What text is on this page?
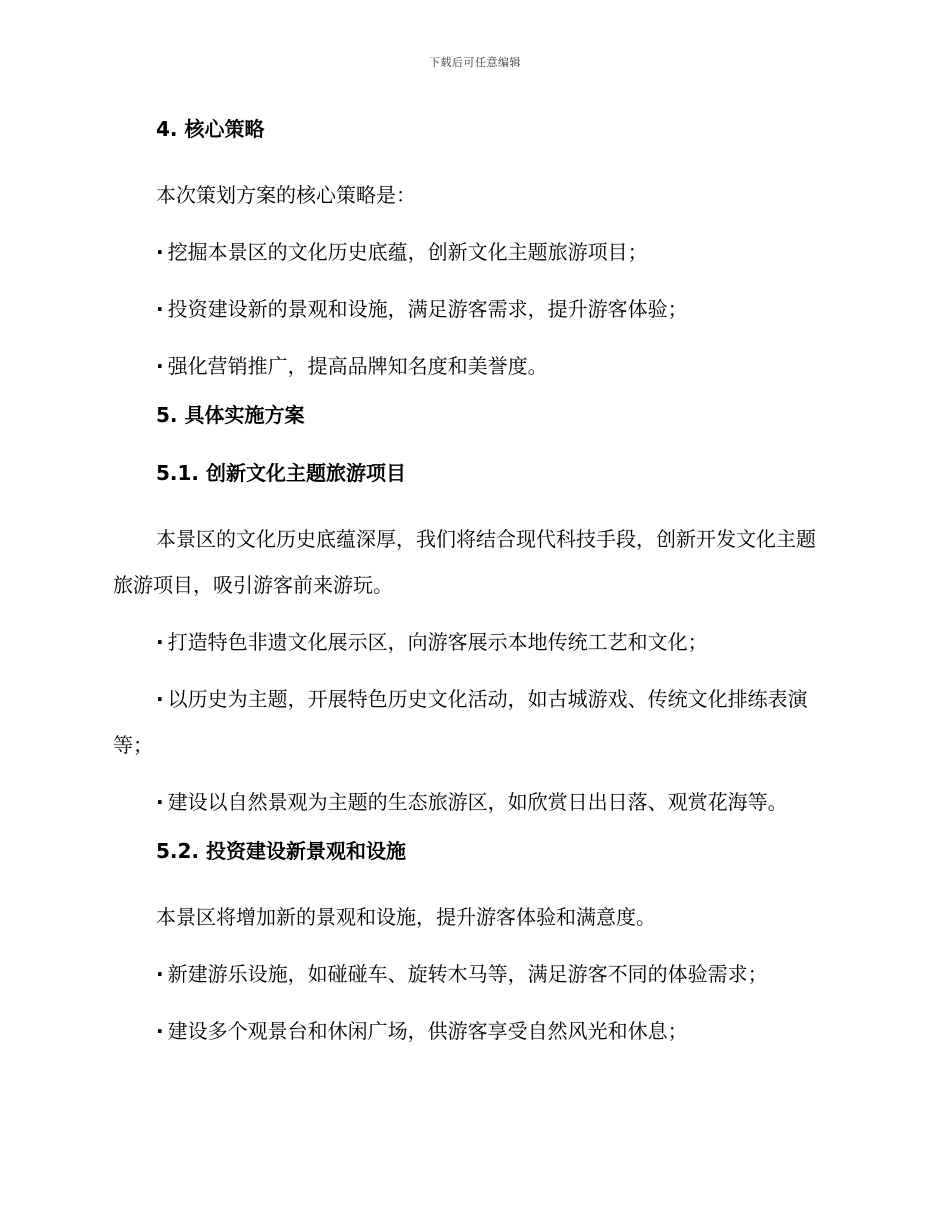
下载后可任意编辑
4. 核心策略
本次策划方案的核心策略是：
· 挖掘本景区的文化历史底蕴，创新文化主题旅游项目；
· 投资建设新的景观和设施，满足游客需求，提升游客体验；
· 强化营销推广，提高品牌知名度和美誉度。
5. 具体实施方案
5.1. 创新文化主题旅游项目
本景区的文化历史底蕴深厚，我们将结合现代科技手段，创新开发文化主题旅游项目，吸引游客前来游玩。
· 打造特色非遗文化展示区，向游客展示本地传统工艺和文化；
· 以历史为主题，开展特色历史文化活动，如古城游戏、传统文化排练表演等；
· 建设以自然景观为主题的生态旅游区，如欣赏日出日落、观赏花海等。
5.2. 投资建设新景观和设施
本景区将增加新的景观和设施，提升游客体验和满意度。
· 新建游乐设施，如碰碰车、旋转木马等，满足游客不同的体验需求；
· 建设多个观景台和休闲广场，供游客享受自然风光和休息；
